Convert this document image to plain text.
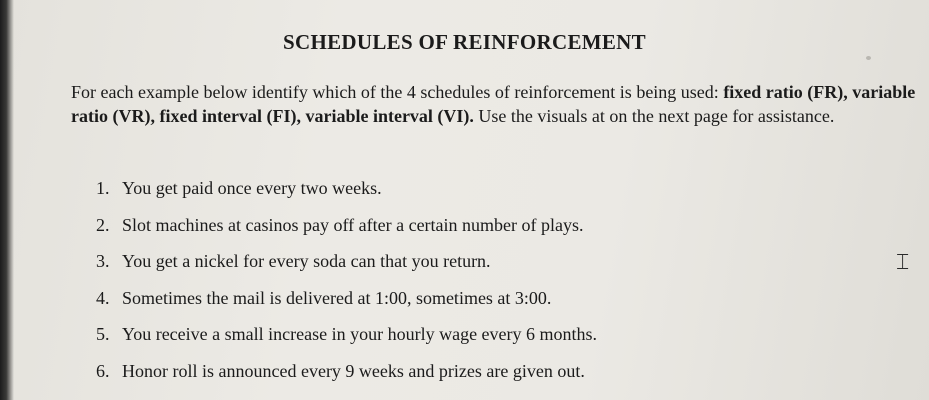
SCHEDULES OF REINFORCEMENT

For each example below identify which of the 4 schedules of reinforcement is being used: fixed ratio (FR), variable ratio (VR), fixed interval (FI), variable interval (VI). Use the visuals at on the next page for assistance.

1. You get paid once every two weeks.
2. Slot machines at casinos pay off after a certain number of plays.
3. You get a nickel for every soda can that you return.
4. Sometimes the mail is delivered at 1:00, sometimes at 3:00.
5. You receive a small increase in your hourly wage every 6 months.
6. Honor roll is announced every 9 weeks and prizes are given out.
⌶
